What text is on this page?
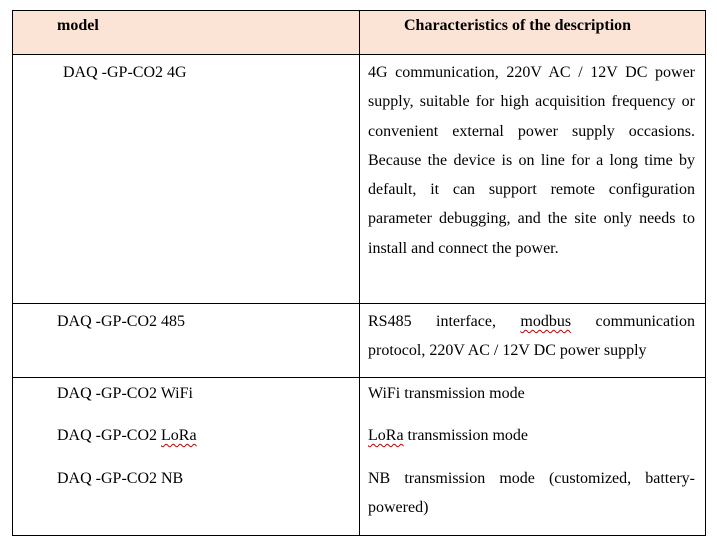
model	Characteristics of the description
DAQ -GP-CO2 4G	4G communication, 220V AC / 12V DC power supply, suitable for high acquisition frequency or convenient external power supply occasions. Because the device is on line for a long time by default, it can support remote configuration parameter debugging, and the site only needs to install and connect the power.
DAQ -GP-CO2 485	RS485 interface, modbus communication protocol, 220V AC / 12V DC power supply
DAQ -GP-CO2 WiFi	WiFi transmission mode
DAQ -GP-CO2 LoRa	LoRa transmission mode
DAQ -GP-CO2 NB	NB transmission mode (customized, battery-powered)
